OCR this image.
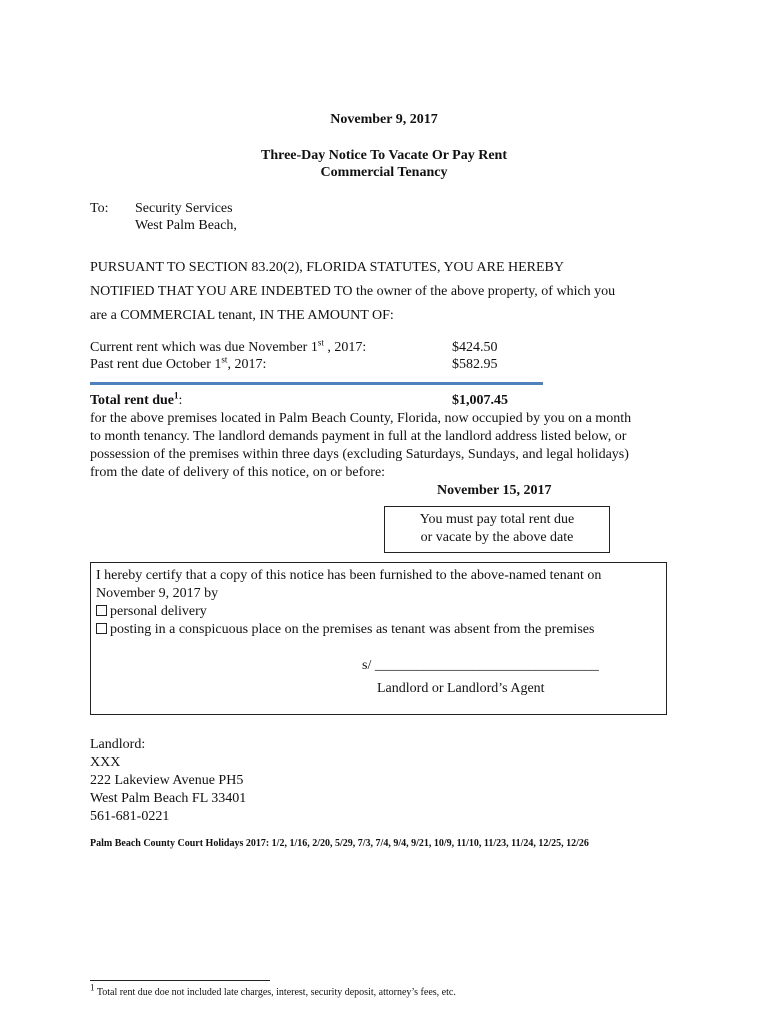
November 9, 2017
Three-Day Notice To Vacate Or Pay Rent
Commercial Tenancy
To: Security Services
West Palm Beach,
PURSUANT TO SECTION 83.20(2), FLORIDA STATUTES, YOU ARE HEREBY
NOTIFIED THAT YOU ARE INDEBTED TO the owner of the above property, of which you
are a COMMERCIAL tenant, IN THE AMOUNT OF:
Current rent which was due November 1st , 2017:	$424.50
Past rent due October 1st, 2017:	$582.95
Total rent due$^1$:	$1,007.45
for the above premises located in Palm Beach County, Florida, now occupied by you on a month
to month tenancy. The landlord demands payment in full at the landlord address listed below, or
possession of the premises within three days (excluding Saturdays, Sundays, and legal holidays)
from the date of delivery of this notice, on or before:
November 15, 2017
You must pay total rent due
or vacate by the above date
I hereby certify that a copy of this notice has been furnished to the above-named tenant on
November 9, 2017 by
personal delivery
posting in a conspicuous place on the premises as tenant was absent from the premises
s/ ________________________________
Landlord or Landlord’s Agent
Landlord:
XXX
222 Lakeview Avenue PH5
West Palm Beach FL 33401
561-681-0221
Palm Beach County Court Holidays 2017: 1/2, 1/16, 2/20, 5/29, 7/3, 7/4, 9/4, 9/21, 10/9, 11/10, 11/23, 11/24, 12/25, 12/26
$^1$ Total rent due doe not included late charges, interest, security deposit, attorney’s fees, etc.
